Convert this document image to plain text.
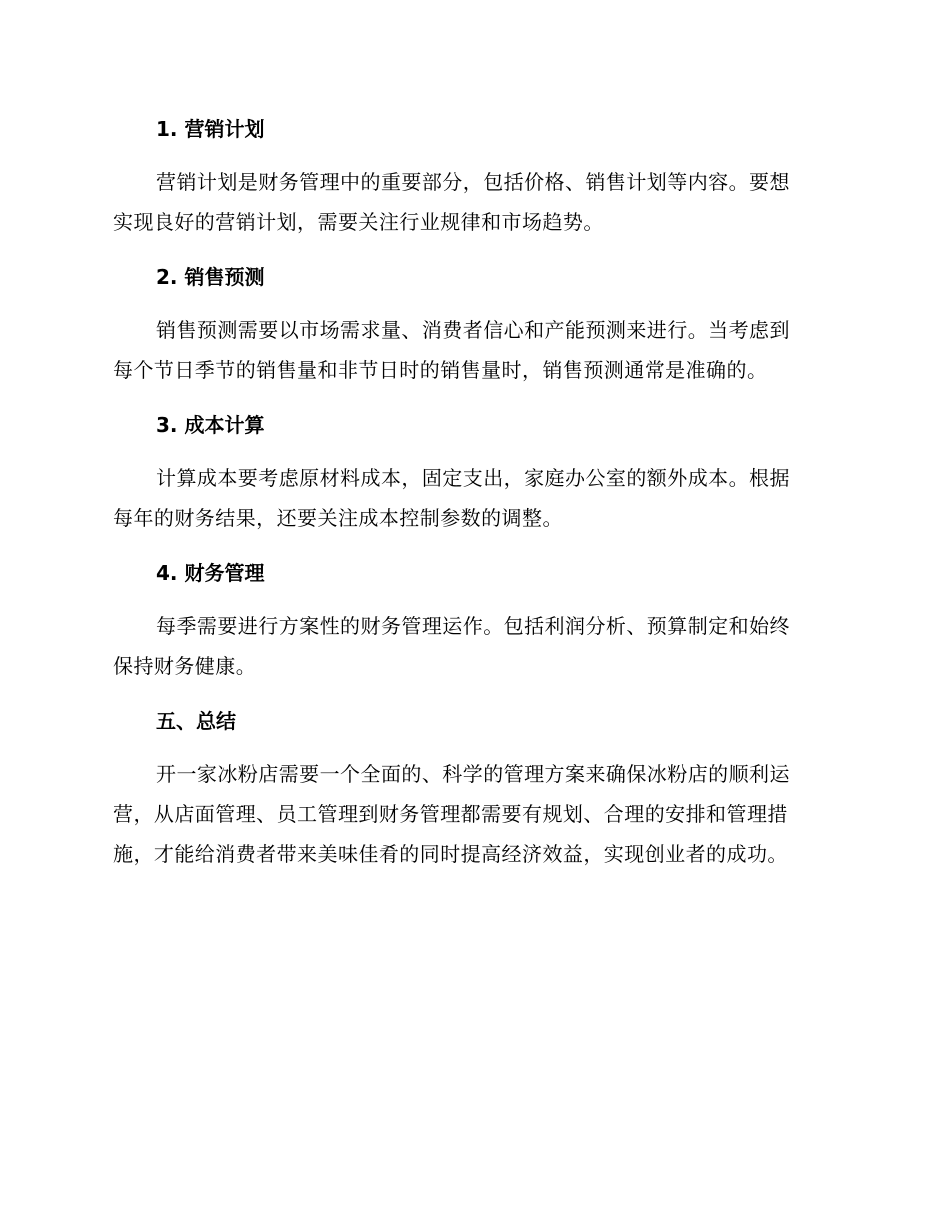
1. 营销计划
营销计划是财务管理中的重要部分，包括价格、销售计划等内容。要想
实现良好的营销计划，需要关注行业规律和市场趋势。
2. 销售预测
销售预测需要以市场需求量、消费者信心和产能预测来进行。当考虑到
每个节日季节的销售量和非节日时的销售量时，销售预测通常是准确的。
3. 成本计算
计算成本要考虑原材料成本，固定支出，家庭办公室的额外成本。根据
每年的财务结果，还要关注成本控制参数的调整。
4. 财务管理
每季需要进行方案性的财务管理运作。包括利润分析、预算制定和始终
保持财务健康。
五、总结
开一家冰粉店需要一个全面的、科学的管理方案来确保冰粉店的顺利运
营，从店面管理、员工管理到财务管理都需要有规划、合理的安排和管理措
施，才能给消费者带来美味佳肴的同时提高经济效益，实现创业者的成功。
